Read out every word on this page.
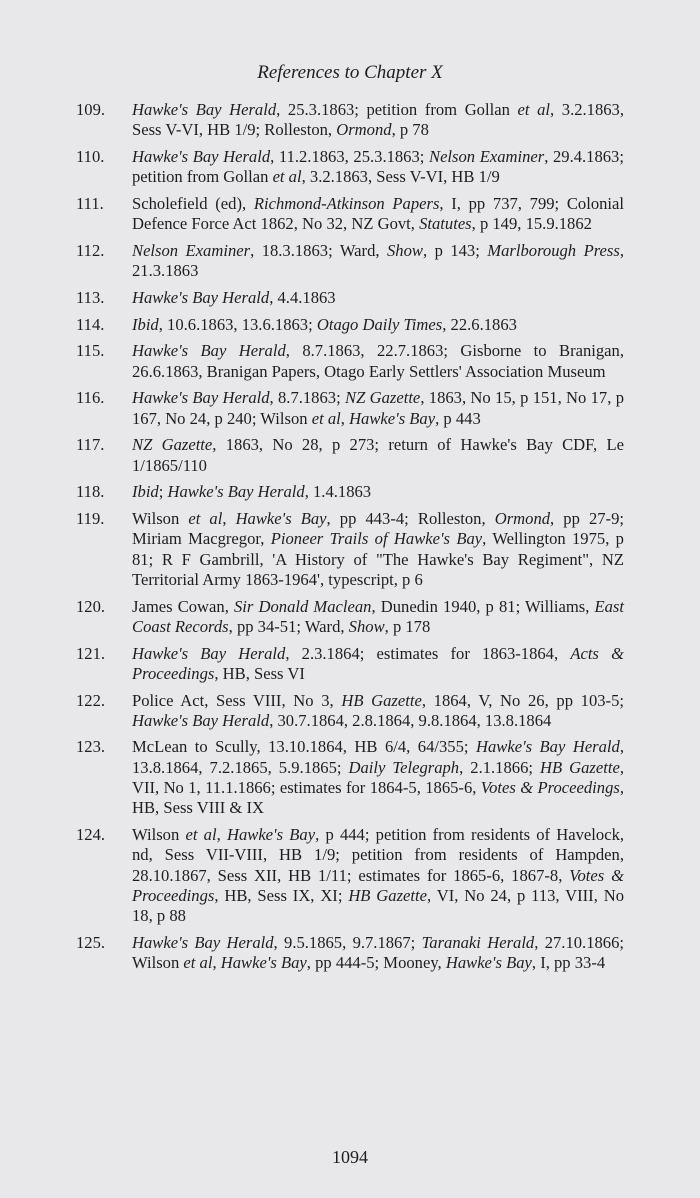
References to Chapter X
109. Hawke's Bay Herald, 25.3.1863; petition from Gollan et al, 3.2.1863, Sess V-VI, HB 1/9; Rolleston, Ormond, p 78
110. Hawke's Bay Herald, 11.2.1863, 25.3.1863; Nelson Examiner, 29.4.1863; petition from Gollan et al, 3.2.1863, Sess V-VI, HB 1/9
111. Scholefield (ed), Richmond-Atkinson Papers, I, pp 737, 799; Colonial Defence Force Act 1862, No 32, NZ Govt, Statutes, p 149, 15.9.1862
112. Nelson Examiner, 18.3.1863; Ward, Show, p 143; Marlborough Press, 21.3.1863
113. Hawke's Bay Herald, 4.4.1863
114. Ibid, 10.6.1863, 13.6.1863; Otago Daily Times, 22.6.1863
115. Hawke's Bay Herald, 8.7.1863, 22.7.1863; Gisborne to Branigan, 26.6.1863, Branigan Papers, Otago Early Settlers' Association Museum
116. Hawke's Bay Herald, 8.7.1863; NZ Gazette, 1863, No 15, p 151, No 17, p 167, No 24, p 240; Wilson et al, Hawke's Bay, p 443
117. NZ Gazette, 1863, No 28, p 273; return of Hawke's Bay CDF, Le 1/1865/110
118. Ibid; Hawke's Bay Herald, 1.4.1863
119. Wilson et al, Hawke's Bay, pp 443-4; Rolleston, Ormond, pp 27-9; Miriam Macgregor, Pioneer Trails of Hawke's Bay, Wellington 1975, p 81; R F Gambrill, 'A History of "The Hawke's Bay Regiment", NZ Territorial Army 1863-1964', typescript, p 6
120. James Cowan, Sir Donald Maclean, Dunedin 1940, p 81; Williams, East Coast Records, pp 34-51; Ward, Show, p 178
121. Hawke's Bay Herald, 2.3.1864; estimates for 1863-1864, Acts & Proceedings, HB, Sess VI
122. Police Act, Sess VIII, No 3, HB Gazette, 1864, V, No 26, pp 103-5; Hawke's Bay Herald, 30.7.1864, 2.8.1864, 9.8.1864, 13.8.1864
123. McLean to Scully, 13.10.1864, HB 6/4, 64/355; Hawke's Bay Herald, 13.8.1864, 7.2.1865, 5.9.1865; Daily Telegraph, 2.1.1866; HB Gazette, VII, No 1, 11.1.1866; estimates for 1864-5, 1865-6, Votes & Proceedings, HB, Sess VIII & IX
124. Wilson et al, Hawke's Bay, p 444; petition from residents of Havelock, nd, Sess VII-VIII, HB 1/9; petition from residents of Hampden, 28.10.1867, Sess XII, HB 1/11; estimates for 1865-6, 1867-8, Votes & Proceedings, HB, Sess IX, XI; HB Gazette, VI, No 24, p 113, VIII, No 18, p 88
125. Hawke's Bay Herald, 9.5.1865, 9.7.1867; Taranaki Herald, 27.10.1866; Wilson et al, Hawke's Bay, pp 444-5; Mooney, Hawke's Bay, I, pp 33-4
1094
